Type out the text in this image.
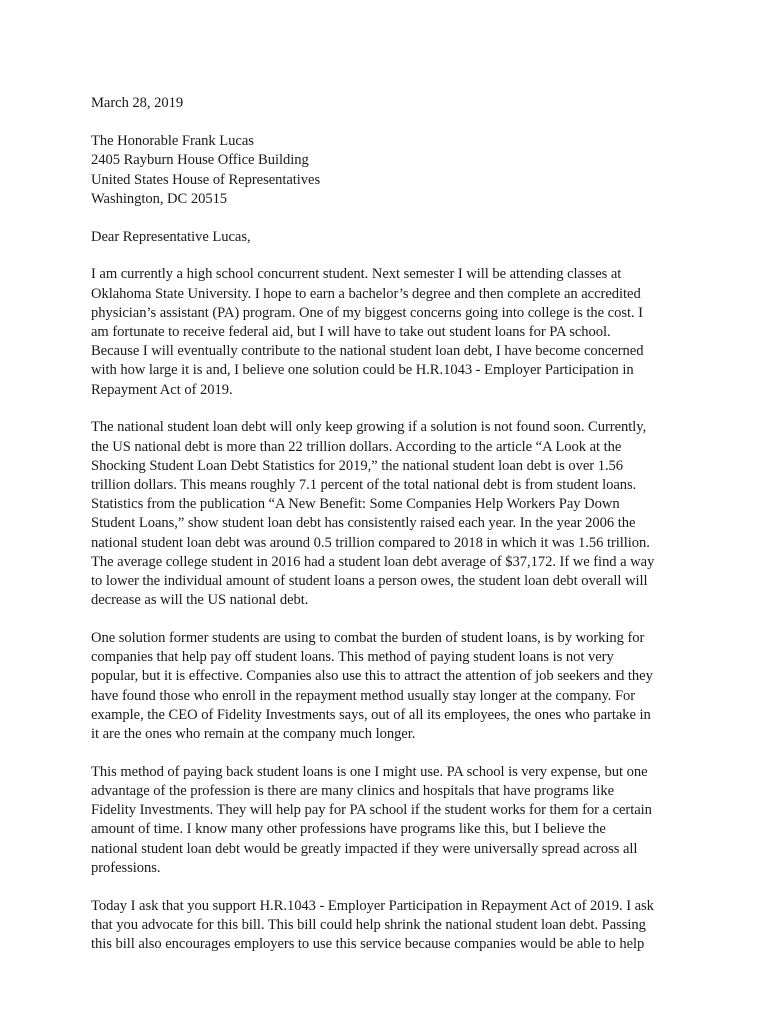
March 28, 2019
The Honorable Frank Lucas
2405 Rayburn House Office Building
United States House of Representatives
Washington, DC 20515
Dear Representative Lucas,
I am currently a high school concurrent student. Next semester I will be attending classes at
Oklahoma State University. I hope to earn a bachelor’s degree and then complete an accredited
physician’s assistant (PA) program. One of my biggest concerns going into college is the cost. I
am fortunate to receive federal aid, but I will have to take out student loans for PA school.
Because I will eventually contribute to the national student loan debt, I have become concerned
with how large it is and, I believe one solution could be H.R.1043 - Employer Participation in
Repayment Act of 2019.
The national student loan debt will only keep growing if a solution is not found soon. Currently,
the US national debt is more than 22 trillion dollars. According to the article “A Look at the
Shocking Student Loan Debt Statistics for 2019,” the national student loan debt is over 1.56
trillion dollars. This means roughly 7.1 percent of the total national debt is from student loans.
Statistics from the publication “A New Benefit: Some Companies Help Workers Pay Down
Student Loans,” show student loan debt has consistently raised each year. In the year 2006 the
national student loan debt was around 0.5 trillion compared to 2018 in which it was 1.56 trillion.
The average college student in 2016 had a student loan debt average of $37,172. If we find a way
to lower the individual amount of student loans a person owes, the student loan debt overall will
decrease as will the US national debt.
One solution former students are using to combat the burden of student loans, is by working for
companies that help pay off student loans. This method of paying student loans is not very
popular, but it is effective. Companies also use this to attract the attention of job seekers and they
have found those who enroll in the repayment method usually stay longer at the company. For
example, the CEO of Fidelity Investments says, out of all its employees, the ones who partake in
it are the ones who remain at the company much longer.
This method of paying back student loans is one I might use. PA school is very expense, but one
advantage of the profession is there are many clinics and hospitals that have programs like
Fidelity Investments. They will help pay for PA school if the student works for them for a certain
amount of time. I know many other professions have programs like this, but I believe the
national student loan debt would be greatly impacted if they were universally spread across all
professions.
Today I ask that you support H.R.1043 - Employer Participation in Repayment Act of 2019. I ask
that you advocate for this bill. This bill could help shrink the national student loan debt. Passing
this bill also encourages employers to use this service because companies would be able to help
